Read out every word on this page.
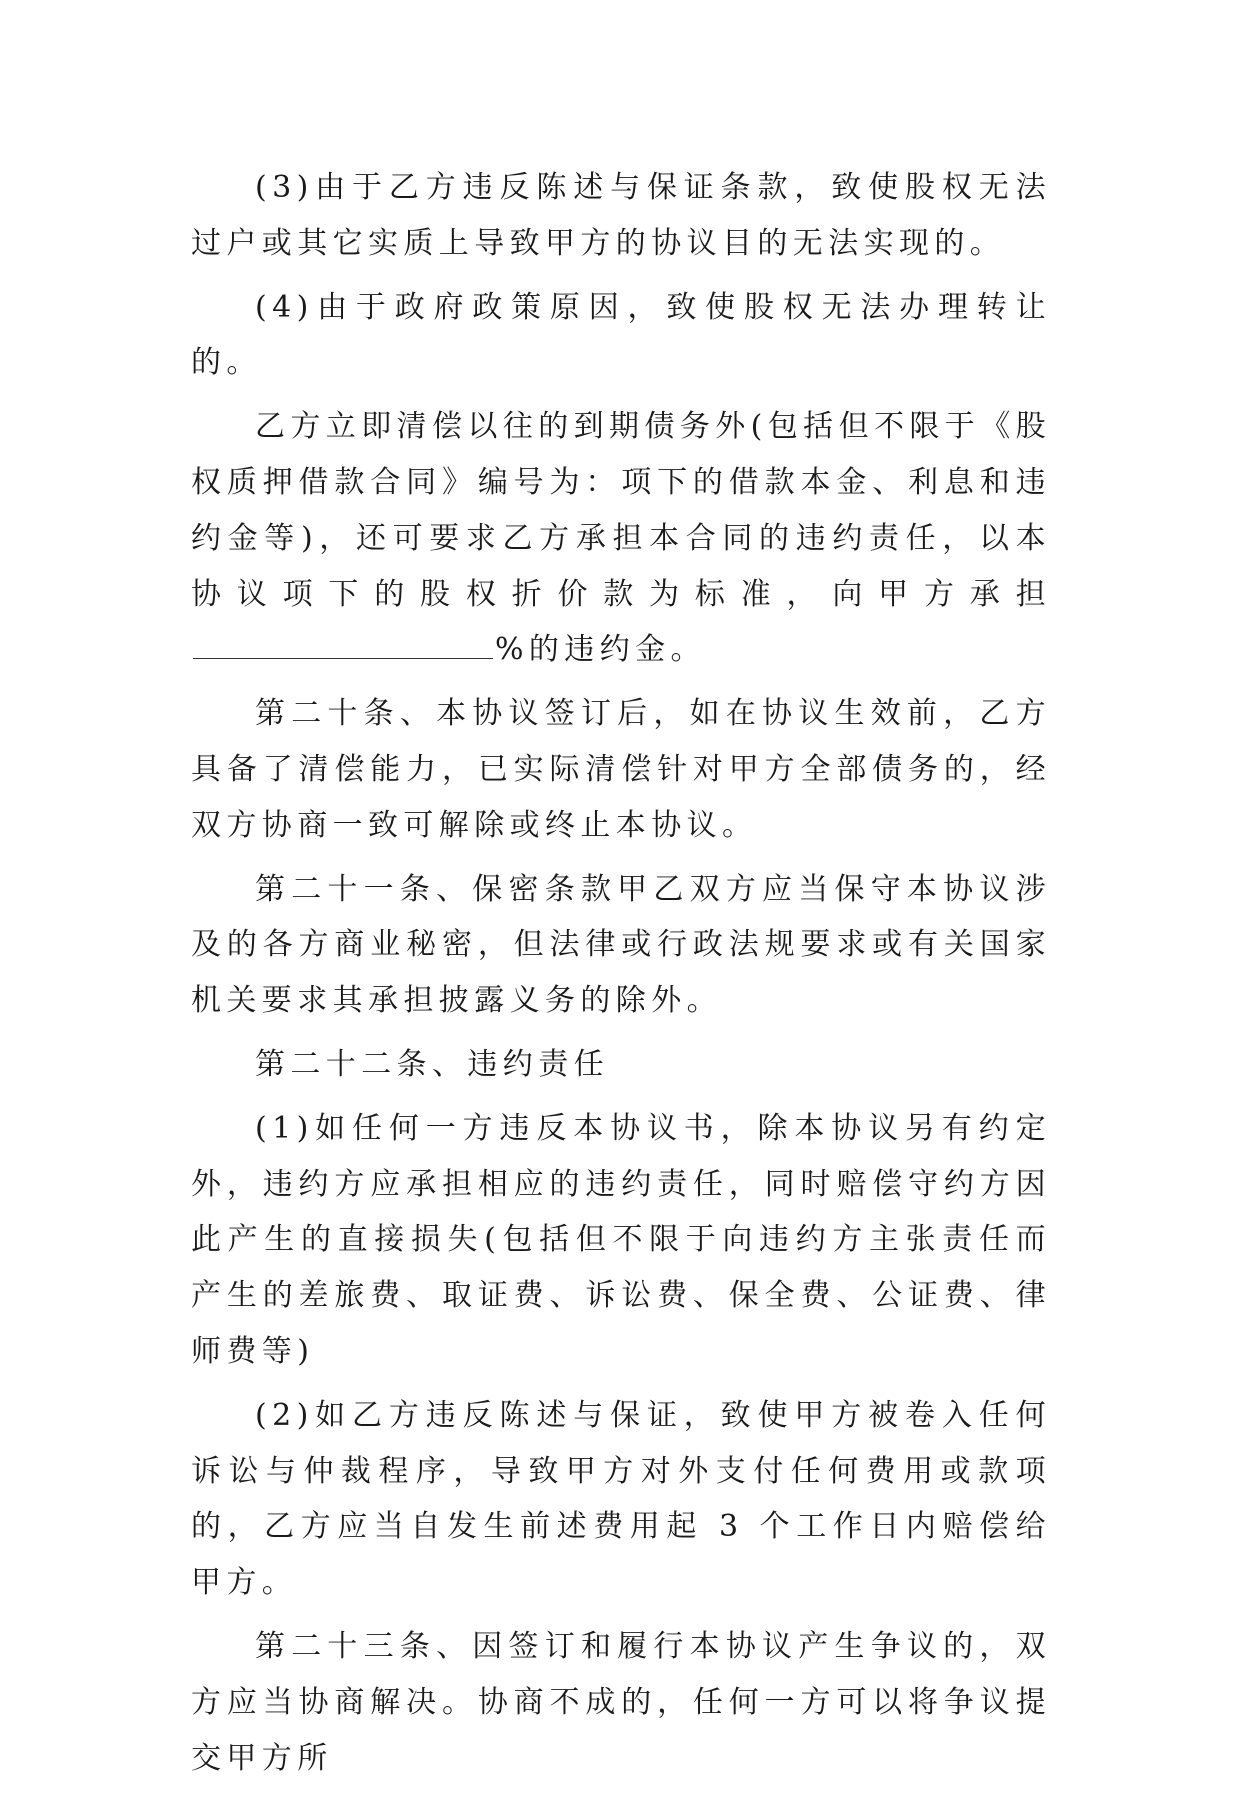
(3)由于乙方违反陈述与保证条款，致使股权无法过户或其它实质上导致甲方的协议目的无法实现的。

(4)由于政府政策原因，致使股权无法办理转让的。

乙方立即清偿以往的到期债务外(包括但不限于《股权质押借款合同》编号为：项下的借款本金、利息和违约金等)，还可要求乙方承担本合同的违约责任，以本协议项下的股权折价款为标准，向甲方承担%的违约金。

第二十条、本协议签订后，如在协议生效前，乙方具备了清偿能力，已实际清偿针对甲方全部债务的，经双方协商一致可解除或终止本协议。

第二十一条、保密条款甲乙双方应当保守本协议涉及的各方商业秘密，但法律或行政法规要求或有关国家机关要求其承担披露义务的除外。

第二十二条、违约责任

(1)如任何一方违反本协议书，除本协议另有约定外，违约方应承担相应的违约责任，同时赔偿守约方因此产生的直接损失(包括但不限于向违约方主张责任而产生的差旅费、取证费、诉讼费、保全费、公证费、律师费等)

(2)如乙方违反陈述与保证，致使甲方被卷入任何诉讼与仲裁程序，导致甲方对外支付任何费用或款项的，乙方应当自发生前述费用起 3 个工作日内赔偿给甲方。

第二十三条、因签订和履行本协议产生争议的，双方应当协商解决。协商不成的，任何一方可以将争议提交甲方所
